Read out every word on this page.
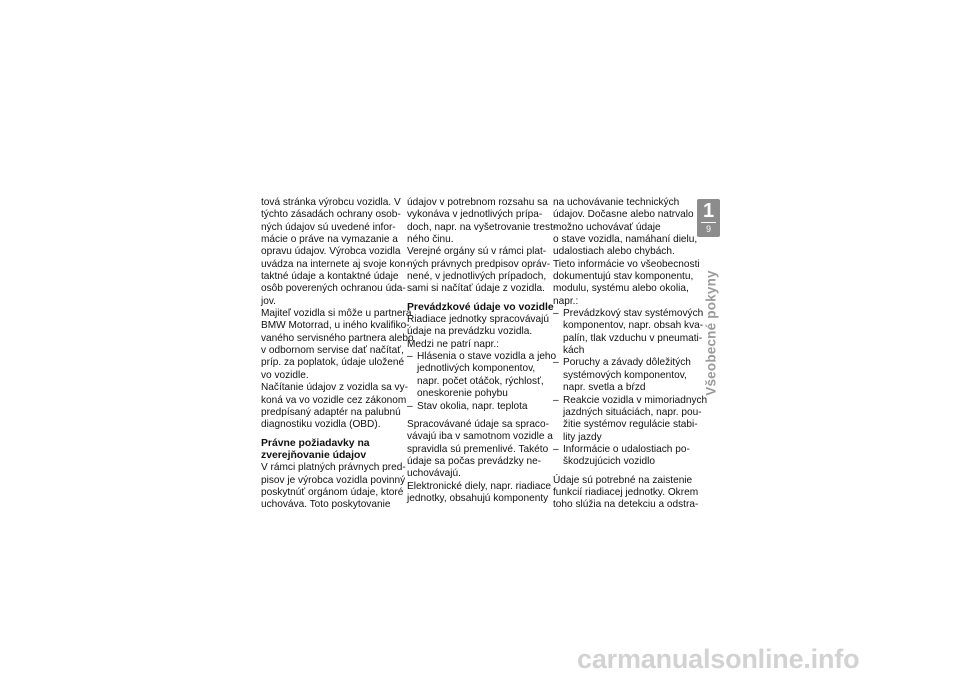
tová stránka výrobcu vozidla. V
týchto zásadách ochrany osob-
ných údajov sú uvedené infor-
mácie o práve na vymazanie a
opravu údajov. Výrobca vozidla
uvádza na internete aj svoje kon-
taktné údaje a kontaktné údaje
osôb poverených ochranou úda-
jov.
Majiteľ vozidla si môže u partnera
BMW Motorrad, u iného kvalifiko-
vaného servisného partnera alebo
v odbornom servise dať načítať,
príp. za poplatok, údaje uložené
vo vozidle.
Načítanie údajov z vozidla sa vy-
koná va vo vozidle cez zákonom
predpísaný adaptér na palubnú
diagnostiku vozidla (OBD).
Právne požiadavky na
zverejňovanie údajov
V rámci platných právnych pred-
pisov je výrobca vozidla povinný
poskytnúť orgánom údaje, ktoré
uchováva. Toto poskytovanie
údajov v potrebnom rozsahu sa
vykonáva v jednotlivých prípa-
doch, napr. na vyšetrovanie trest-
ného činu.
Verejné orgány sú v rámci plat-
ných právnych predpisov opráv-
nené, v jednotlivých prípadoch,
sami si načítať údaje z vozidla.
Prevádzkové údaje vo vozidle
Riadiace jednotky spracovávajú
údaje na prevádzku vozidla.
Medzi ne patrí napr.:
– Hlásenia o stave vozidla a jeho
jednotlivých komponentov,
napr. počet otáčok, rýchlosť,
oneskorenie pohybu
– Stav okolia, napr. teplota
Spracovávané údaje sa spraco-
vávajú iba v samotnom vozidle a
spravidla sú premenlivé. Takéto
údaje sa počas prevádzky ne-
uchovávajú.
Elektronické diely, napr. riadiace
jednotky, obsahujú komponenty
na uchovávanie technických
údajov. Dočasne alebo natrvalo
možno uchovávať údaje
o stave vozidla, namáhaní dielu,
udalostiach alebo chybách.
Tieto informácie vo všeobecnosti
dokumentujú stav komponentu,
modulu, systému alebo okolia,
napr.:
– Prevádzkový stav systémových
komponentov, napr. obsah kva-
palín, tlak vzduchu v pneumati-
kách
– Poruchy a závady dôležitých
systémových komponentov,
napr. svetla a bŕzd
– Reakcie vozidla v mimoriadnych
jazdných situáciách, napr. pou-
žitie systémov regulácie stabi-
lity jazdy
– Informácie o udalostiach po-
škodzujúcich vozidlo
Údaje sú potrebné na zaistenie
funkcií riadiacej jednotky. Okrem
toho slúžia na detekciu a odstra-
1
9
Všeobecné pokyny
carmanualsonline.info
